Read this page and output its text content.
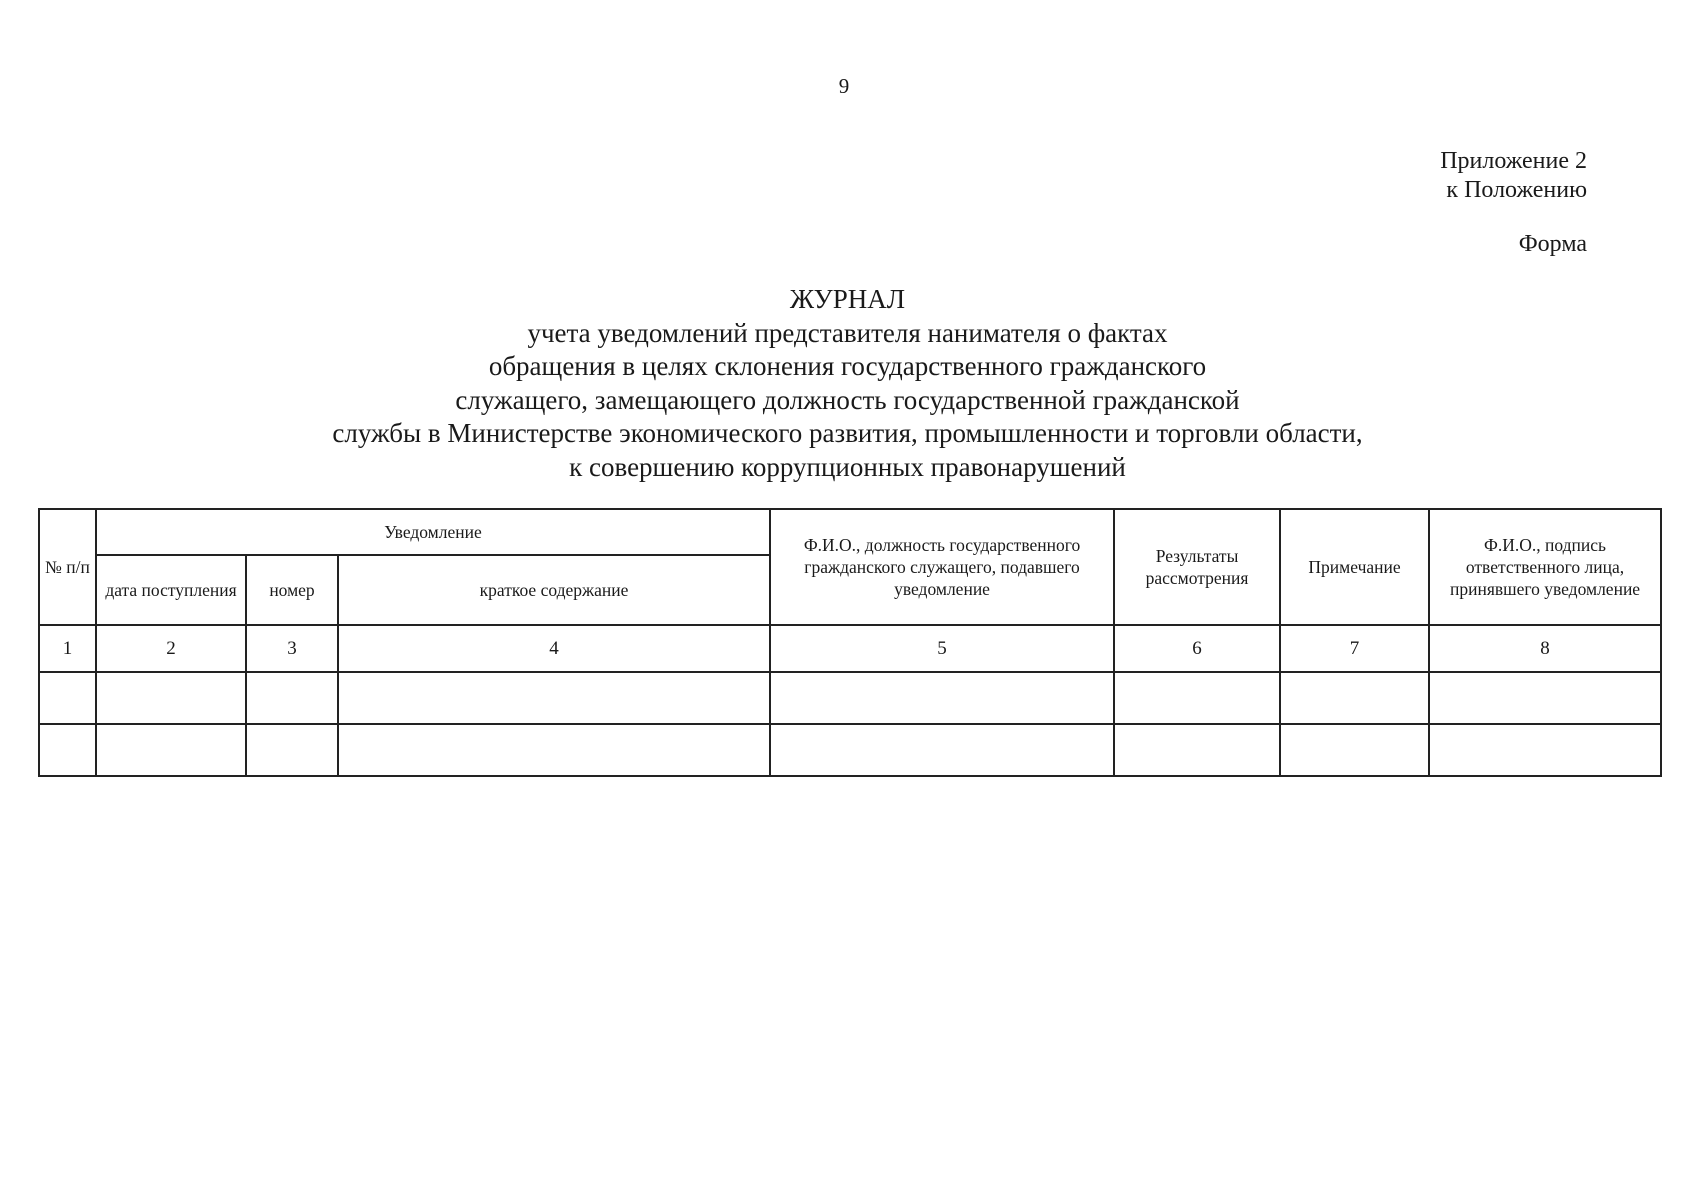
9
Приложение 2
к Положению
Форма
ЖУРНАЛ
учета уведомлений представителя нанимателя о фактах
обращения в целях склонения государственного гражданского
служащего, замещающего должность государственной гражданской
службы в Министерстве экономического развития, промышленности и торговли области,
к совершению коррупционных правонарушений
№ п/п	Уведомление			Ф.И.О., должность государственного гражданского служащего, подавшего уведомление	Результаты рассмотрения	Примечание	Ф.И.О., подпись ответственного лица, принявшего уведомление
	дата поступления	номер	краткое содержание				
1	2	3	4	5	6	7	8
